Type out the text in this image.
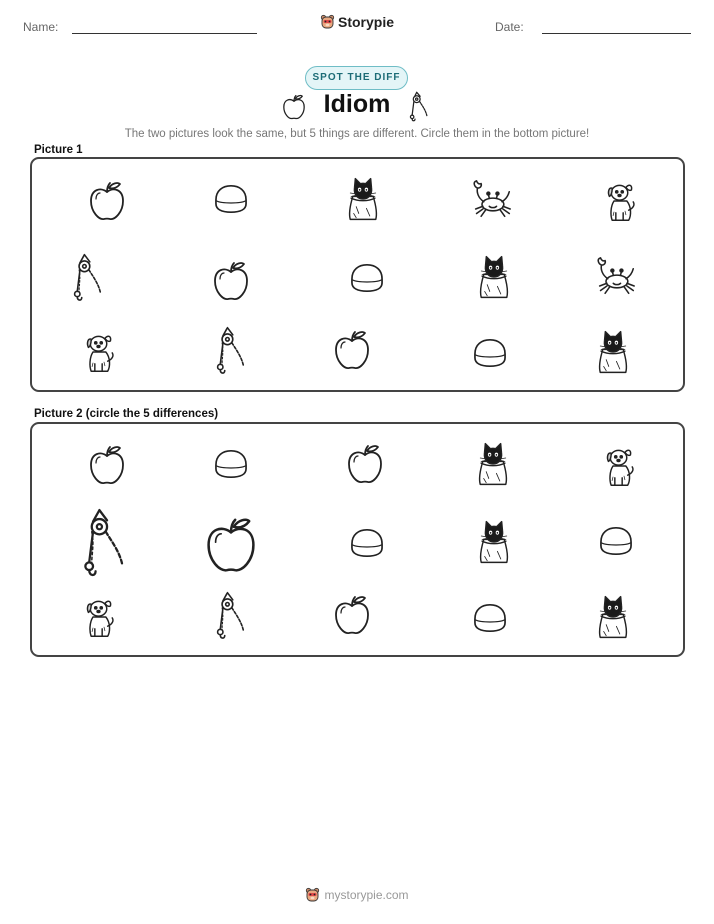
Name:	Storypie	Date:
SPOT THE DIFF
Idiom
The two pictures look the same, but 5 things are different. Circle them in the bottom picture!
Picture 1
Picture 2 (circle the 5 differences)
mystorypie.com
